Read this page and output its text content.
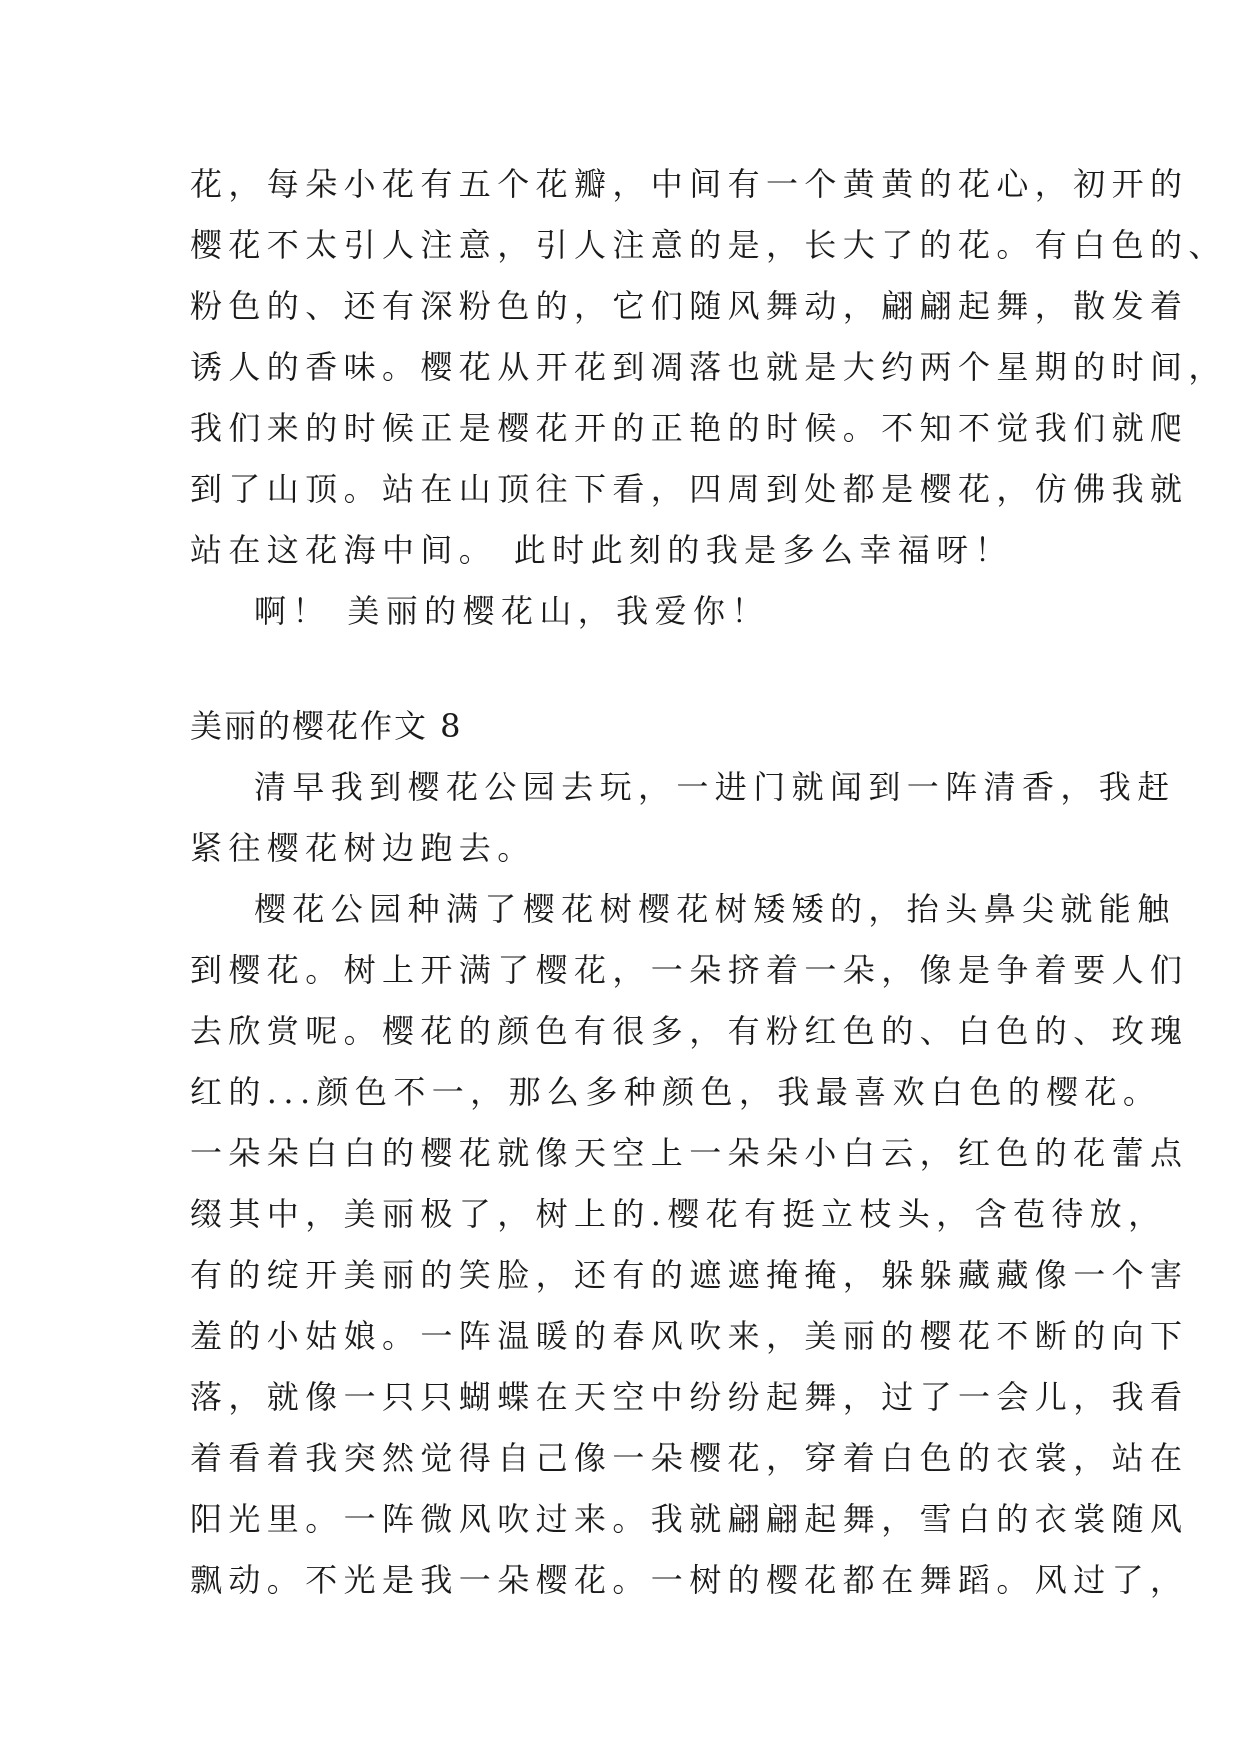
花，每朵小花有五个花瓣，中间有一个黄黄的花心，初开的
樱花不太引人注意，引人注意的是，长大了的花。有白色的、
粉色的、还有深粉色的，它们随风舞动，翩翩起舞，散发着
诱人的香味。樱花从开花到凋落也就是大约两个星期的时间，
我们来的时候正是樱花开的正艳的时候。不知不觉我们就爬
到了山顶。站在山顶往下看，四周到处都是樱花，仿佛我就
站在这花海中间。 此时此刻的我是多么幸福呀！
啊！ 美丽的樱花山，我爱你！
美丽的樱花作文 8
清早我到樱花公园去玩，一进门就闻到一阵清香，我赶
紧往樱花树边跑去。
樱花公园种满了樱花树樱花树矮矮的，抬头鼻尖就能触
到樱花。树上开满了樱花，一朵挤着一朵，像是争着要人们
去欣赏呢。樱花的颜色有很多，有粉红色的、白色的、玫瑰
红的...颜色不一，那么多种颜色，我最喜欢白色的樱花。
一朵朵白白的樱花就像天空上一朵朵小白云，红色的花蕾点
缀其中，美丽极了，树上的.樱花有挺立枝头，含苞待放，
有的绽开美丽的笑脸，还有的遮遮掩掩，躲躲藏藏像一个害
羞的小姑娘。一阵温暖的春风吹来，美丽的樱花不断的向下
落，就像一只只蝴蝶在天空中纷纷起舞，过了一会儿，我看
着看着我突然觉得自己像一朵樱花，穿着白色的衣裳，站在
阳光里。一阵微风吹过来。我就翩翩起舞，雪白的衣裳随风
飘动。不光是我一朵樱花。一树的樱花都在舞蹈。风过了，
